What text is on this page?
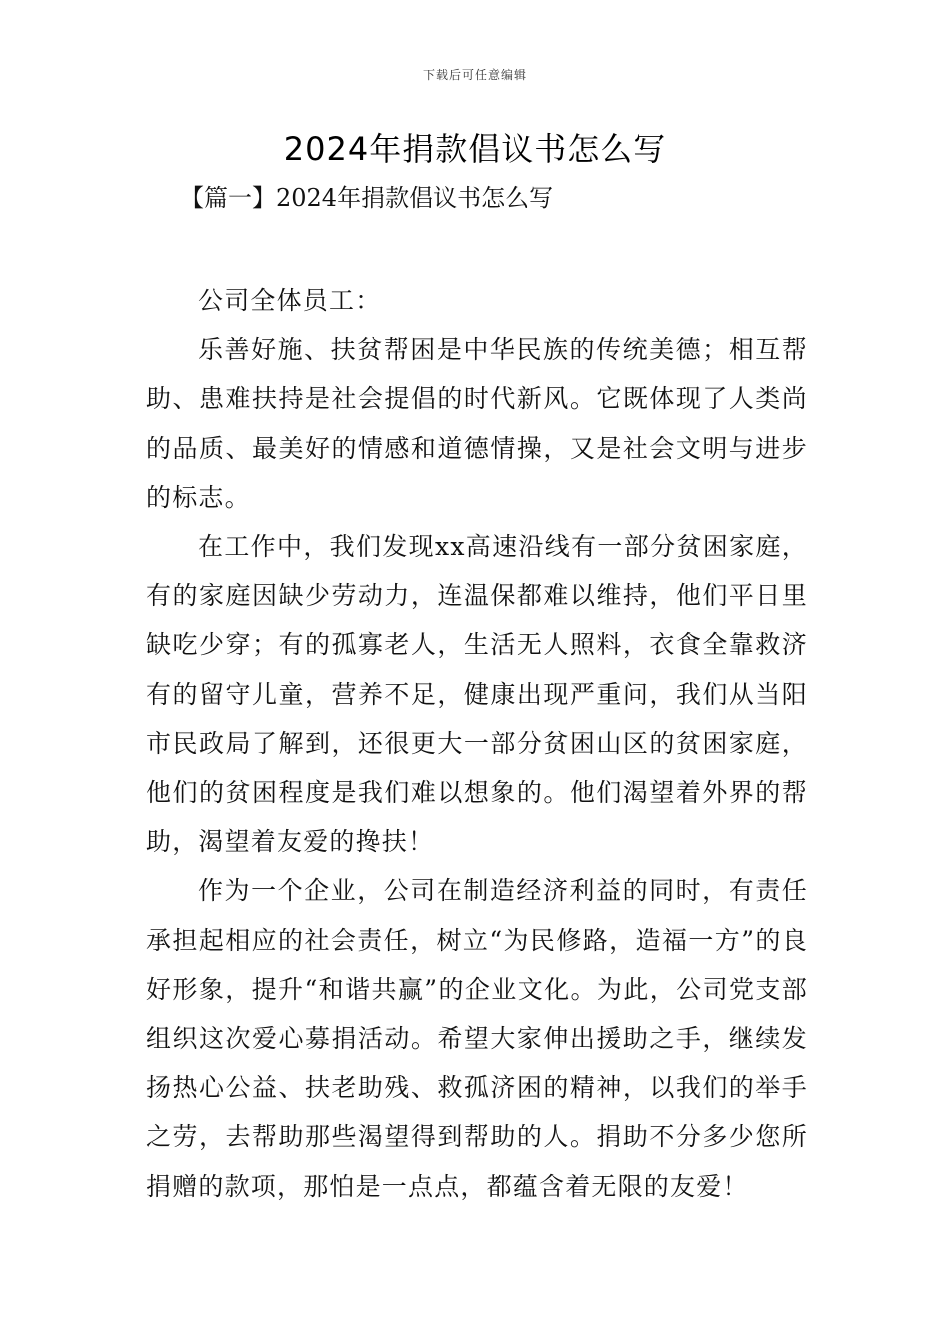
下载后可任意编辑
2024年捐款倡议书怎么写
【篇一】2024年捐款倡议书怎么写

公司全体员工：

乐善好施、扶贫帮困是中华民族的传统美德；相互帮助、患难扶持是社会提倡的时代新风。它既体现了人类尚的品质、最美好的情感和道德情操，又是社会文明与进步的标志。

在工作中，我们发现xx高速沿线有一部分贫困家庭，有的家庭因缺少劳动力，连温保都难以维持，他们平日里缺吃少穿；有的孤寡老人，生活无人照料，衣食全靠救济有的留守儿童，营养不足，健康出现严重问，我们从当阳市民政局了解到，还很更大一部分贫困山区的贫困家庭，他们的贫困程度是我们难以想象的。他们渴望着外界的帮助，渴望着友爱的搀扶！

作为一个企业，公司在制造经济利益的同时，有责任承担起相应的社会责任，树立“为民修路，造福一方”的良好形象，提升“和谐共赢”的企业文化。为此，公司党支部组织这次爱心募捐活动。希望大家伸出援助之手，继续发扬热心公益、扶老助残、救孤济困的精神，以我们的举手之劳，去帮助那些渴望得到帮助的人。捐助不分多少您所捐赠的款项，那怕是一点点，都蕴含着无限的友爱！
